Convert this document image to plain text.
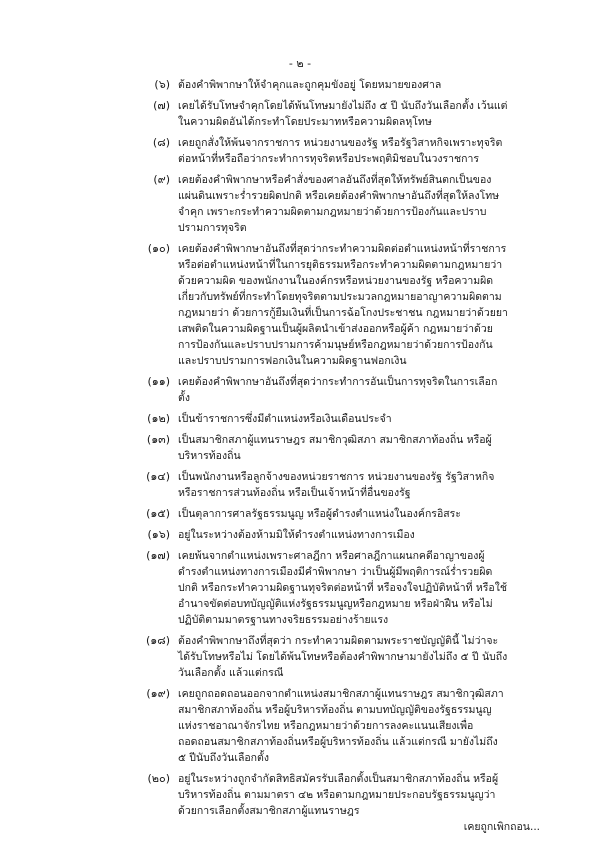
- ๒ -
(๖) ต้องคำพิพากษาให้จำคุกและถูกคุมขังอยู่ โดยหมายของศาล
(๗) เคยได้รับโทษจำคุกโดยได้พ้นโทษมายังไม่ถึง ๕ ปี นับถึงวันเลือกตั้ง เว้นแต่ในความผิดอันได้กระทำโดยประมาทหรือความผิดลหุโทษ
(๘) เคยถูกสั่งให้พ้นจากราชการ หน่วยงานของรัฐ หรือรัฐวิสาหกิจเพราะทุจริตต่อหน้าที่หรือถือว่ากระทำการทุจริตหรือประพฤติมิชอบในวงราชการ
(๙) เคยต้องคำพิพากษาหรือคำสั่งของศาลอันถึงที่สุดให้ทรัพย์สินตกเป็นของแผ่นดินเพราะร่ำรวยผิดปกติ หรือเคยต้องคำพิพากษาอันถึงที่สุดให้ลงโทษจำคุก เพราะกระทำความผิดตามกฎหมายว่าด้วยการป้องกันและปราบปรามการทุจริต
(๑๐) เคยต้องคำพิพากษาอันถึงที่สุดว่ากระทำความผิดต่อตำแหน่งหน้าที่ราชการ หรือต่อตำแหน่งหน้าที่ในการยุติธรรมหรือกระทำความผิดตามกฎหมายว่าด้วยความผิด ของพนักงานในองค์กรหรือหน่วยงานของรัฐ หรือความผิดเกี่ยวกับทรัพย์ที่กระทำโดยทุจริตตามประมวลกฎหมายอาญาความผิดตามกฎหมายว่า ด้วยการกู้ยืมเงินที่เป็นการฉ้อโกงประชาชน กฎหมายว่าด้วยยาเสพติดในความผิดฐานเป็นผู้ผลิตนำเข้าส่งออกหรือผู้ค้า กฎหมายว่าด้วยการป้องกันและปราบปรามการค้ามนุษย์หรือกฎหมายว่าด้วยการป้องกันและปราบปรามการฟอกเงินในความผิดฐานฟอกเงิน
(๑๑) เคยต้องคำพิพากษาอันถึงที่สุดว่ากระทำการอันเป็นการทุจริตในการเลือกตั้ง
(๑๒) เป็นข้าราชการซึ่งมีตำแหน่งหรือเงินเดือนประจำ
(๑๓) เป็นสมาชิกสภาผู้แทนราษฎร สมาชิกวุฒิสภา สมาชิกสภาท้องถิ่น หรือผู้บริหารท้องถิ่น
(๑๔) เป็นพนักงานหรือลูกจ้างของหน่วยราชการ หน่วยงานของรัฐ รัฐวิสาหกิจ หรือราชการส่วนท้องถิ่น หรือเป็นเจ้าหน้าที่อื่นของรัฐ
(๑๕) เป็นตุลาการศาลรัฐธรรมนูญ หรือผู้ดำรงตำแหน่งในองค์กรอิสระ
(๑๖) อยู่ในระหว่างต้องห้ามมิให้ดำรงตำแหน่งทางการเมือง
(๑๗) เคยพ้นจากตำแหน่งเพราะศาลฎีกา หรือศาลฎีกาแผนกคดีอาญาของผู้ดำรงตำแหน่งทางการเมืองมีคำพิพากษา ว่าเป็นผู้มีพฤติการณ์ร่ำรวยผิดปกติ หรือกระทำความผิดฐานทุจริตต่อหน้าที่ หรือจงใจปฏิบัติหน้าที่ หรือใช้อำนาจขัดต่อบทบัญญัติแห่งรัฐธรรมนูญหรือกฎหมาย หรือฝ่าฝืน หรือไม่ปฏิบัติตามมาตรฐานทางจริยธรรมอย่างร้ายแรง
(๑๘) ต้องคำพิพากษาถึงที่สุดว่า กระทำความผิดตามพระราชบัญญัตินี้ ไม่ว่าจะได้รับโทษหรือไม่ โดยได้พ้นโทษหรือต้องคำพิพากษามายังไม่ถึง ๕ ปี นับถึงวันเลือกตั้ง แล้วแต่กรณี
(๑๙) เคยถูกถอดถอนออกจากตำแหน่งสมาชิกสภาผู้แทนราษฎร สมาชิกวุฒิสภา สมาชิกสภาท้องถิ่น หรือผู้บริหารท้องถิ่น ตามบทบัญญัติของรัฐธรรมนูญแห่งราชอาณาจักรไทย หรือกฎหมายว่าด้วยการลงคะแนนเสียงเพื่อถอดถอนสมาชิกสภาท้องถิ่นหรือผู้บริหารท้องถิ่น แล้วแต่กรณี มายังไม่ถึง ๕ ปีนับถึงวันเลือกตั้ง
(๒๐) อยู่ในระหว่างถูกจำกัดสิทธิสมัครรับเลือกตั้งเป็นสมาชิกสภาท้องถิ่น หรือผู้บริหารท้องถิ่น ตามมาตรา ๔๒ หรือตามกฎหมายประกอบรัฐธรรมนูญว่าด้วยการเลือกตั้งสมาชิกสภาผู้แทนราษฎร
เคยถูกเพิกถอน...
